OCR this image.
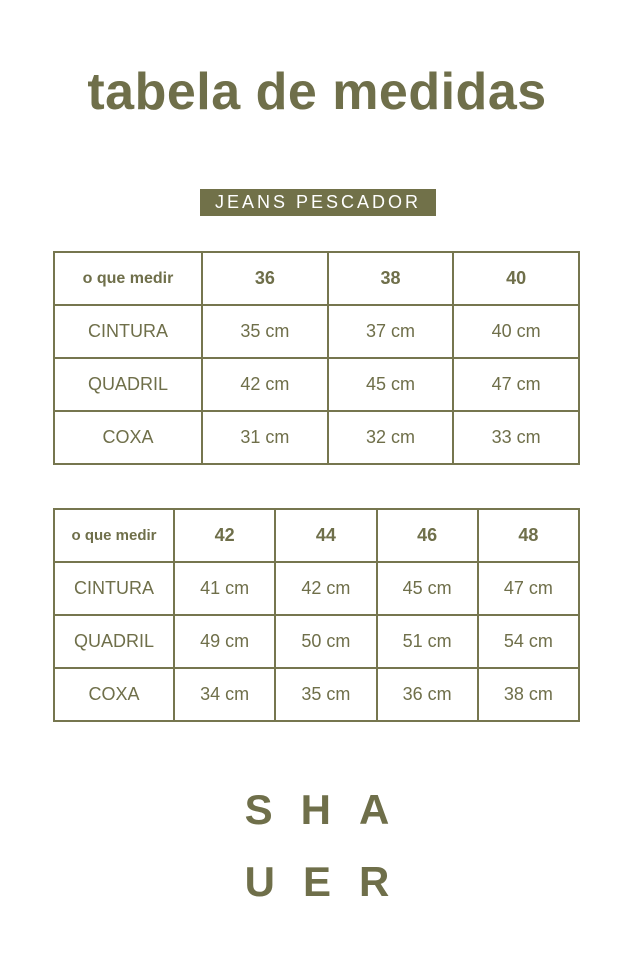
tabela de medidas
JEANS PESCADOR
o que medir	36	38	40
CINTURA	35 cm	37 cm	40 cm
QUADRIL	42 cm	45 cm	47 cm
COXA	31 cm	32 cm	33 cm
o que medir	42	44	46	48
CINTURA	41 cm	42 cm	45 cm	47 cm
QUADRIL	49 cm	50 cm	51 cm	54 cm
COXA	34 cm	35 cm	36 cm	38 cm
SHA
UER
